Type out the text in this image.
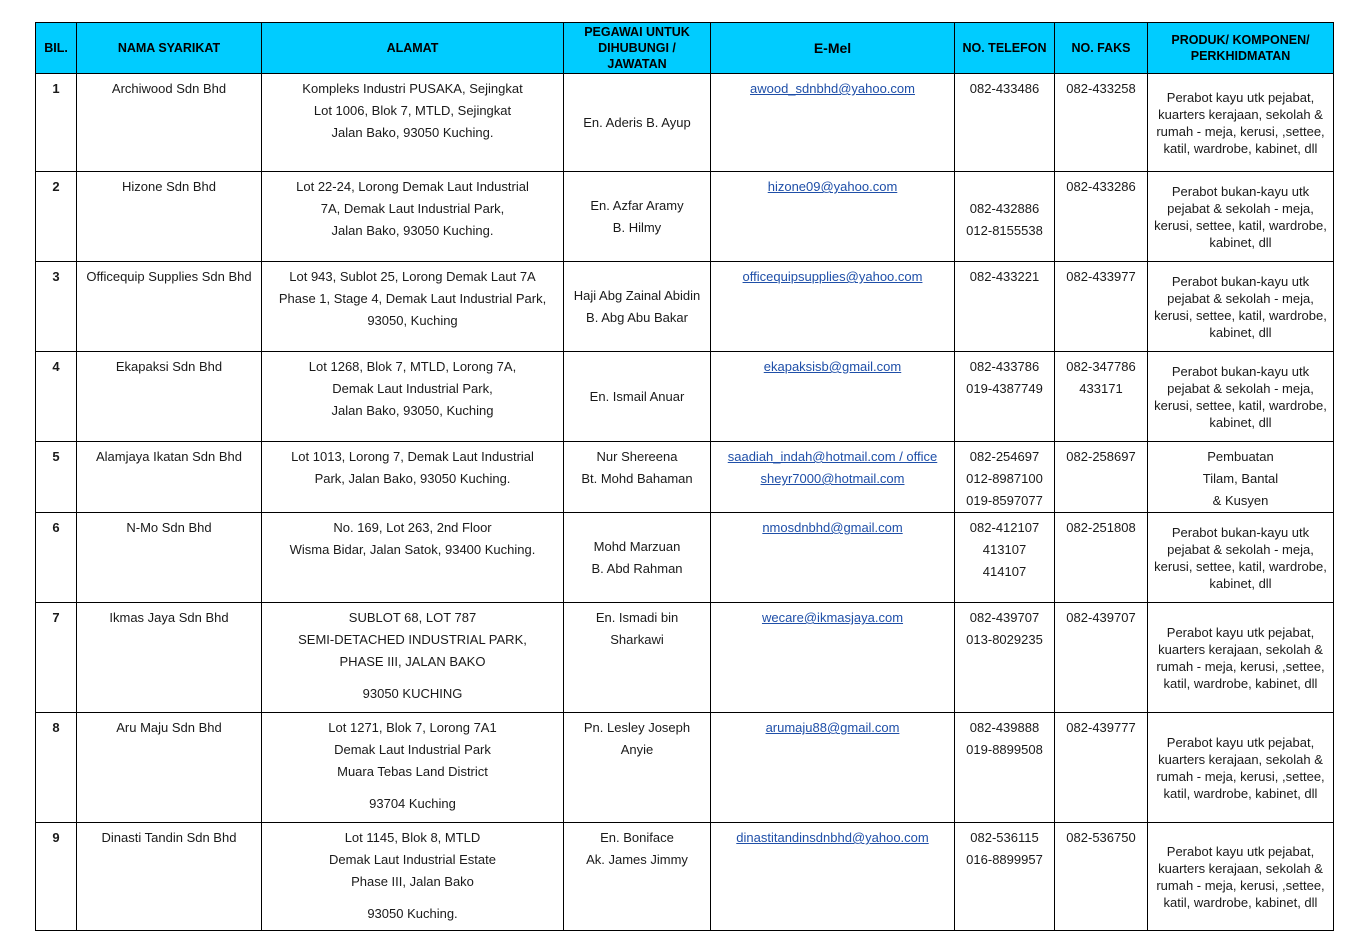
BIL.	NAMA SYARIKAT	ALAMAT	PEGAWAI UNTUK DIHUBUNGI / JAWATAN	E-Mel	NO. TELEFON	NO. FAKS	PRODUK/ KOMPONEN/ PERKHIDMATAN
1	Archiwood Sdn Bhd	Kompleks Industri PUSAKA, Sejingkat
Lot 1006, Blok 7, MTLD, Sejingkat
Jalan Bako, 93050 Kuching.	En. Aderis B. Ayup	awood_sdnbhd@yahoo.com	082-433486	082-433258	Perabot kayu utk pejabat, kuarters kerajaan, sekolah & rumah - meja, kerusi, ,settee, katil, wardrobe, kabinet, dll
2	Hizone Sdn Bhd	Lot 22-24, Lorong Demak Laut Industrial
7A, Demak Laut Industrial Park,
Jalan Bako, 93050 Kuching.	En. Azfar Aramy
B. Hilmy	hizone09@yahoo.com	082-432886
012-8155538	082-433286	Perabot bukan-kayu utk pejabat & sekolah - meja, kerusi, settee, katil, wardrobe, kabinet, dll
3	Officequip Supplies Sdn Bhd	Lot 943, Sublot 25, Lorong Demak Laut 7A
Phase 1, Stage 4, Demak Laut Industrial Park,
93050, Kuching	Haji Abg Zainal Abidin
B. Abg Abu Bakar	officequipsupplies@yahoo.com	082-433221	082-433977	Perabot bukan-kayu utk pejabat & sekolah - meja, kerusi, settee, katil, wardrobe, kabinet, dll
4	Ekapaksi Sdn Bhd	Lot 1268, Blok 7, MTLD, Lorong 7A,
Demak Laut Industrial Park,
Jalan Bako, 93050, Kuching	En. Ismail Anuar	ekapaksisb@gmail.com	082-433786
019-4387749	082-347786
433171	Perabot bukan-kayu utk pejabat & sekolah - meja, kerusi, settee, katil, wardrobe, kabinet, dll
5	Alamjaya Ikatan Sdn Bhd	Lot 1013, Lorong 7, Demak Laut Industrial
Park, Jalan Bako, 93050 Kuching.	Nur Shereena
Bt. Mohd Bahaman	saadiah_indah@hotmail.com / office
sheyr7000@hotmail.com	082-254697
012-8987100
019-8597077	082-258697	Pembuatan
Tilam, Bantal
& Kusyen

6	N-Mo Sdn Bhd	No. 169, Lot 263, 2nd Floor
Wisma Bidar, Jalan Satok, 93400 Kuching.	Mohd Marzuan
B. Abd Rahman	nmosdnbhd@gmail.com	082-412107
413107
414107	082-251808	Perabot bukan-kayu utk pejabat & sekolah - meja, kerusi, settee, katil, wardrobe, kabinet, dll
7	Ikmas Jaya Sdn Bhd	SUBLOT 68, LOT 787
SEMI-DETACHED INDUSTRIAL PARK,
PHASE III, JALAN BAKO
93050 KUCHING	En. Ismadi bin
Sharkawi	wecare@ikmasjaya.com	082-439707
013-8029235	082-439707	Perabot kayu utk pejabat, kuarters kerajaan, sekolah & rumah - meja, kerusi, ,settee, katil, wardrobe, kabinet, dll
8	Aru Maju Sdn Bhd	Lot 1271, Blok 7, Lorong 7A1
Demak Laut Industrial Park
Muara Tebas Land District
93704 Kuching	Pn. Lesley Joseph
Anyie	arumaju88@gmail.com	082-439888
019-8899508	082-439777	Perabot kayu utk pejabat, kuarters kerajaan, sekolah & rumah - meja, kerusi, ,settee, katil, wardrobe, kabinet, dll
9	Dinasti Tandin Sdn Bhd	Lot 1145, Blok 8, MTLD
Demak Laut Industrial Estate
Phase III, Jalan Bako
93050 Kuching.	En. Boniface
Ak. James Jimmy	dinastitandinsdnbhd@yahoo.com	082-536115
016-8899957	082-536750	Perabot kayu utk pejabat, kuarters kerajaan, sekolah & rumah - meja, kerusi, ,settee, katil, wardrobe, kabinet, dll
